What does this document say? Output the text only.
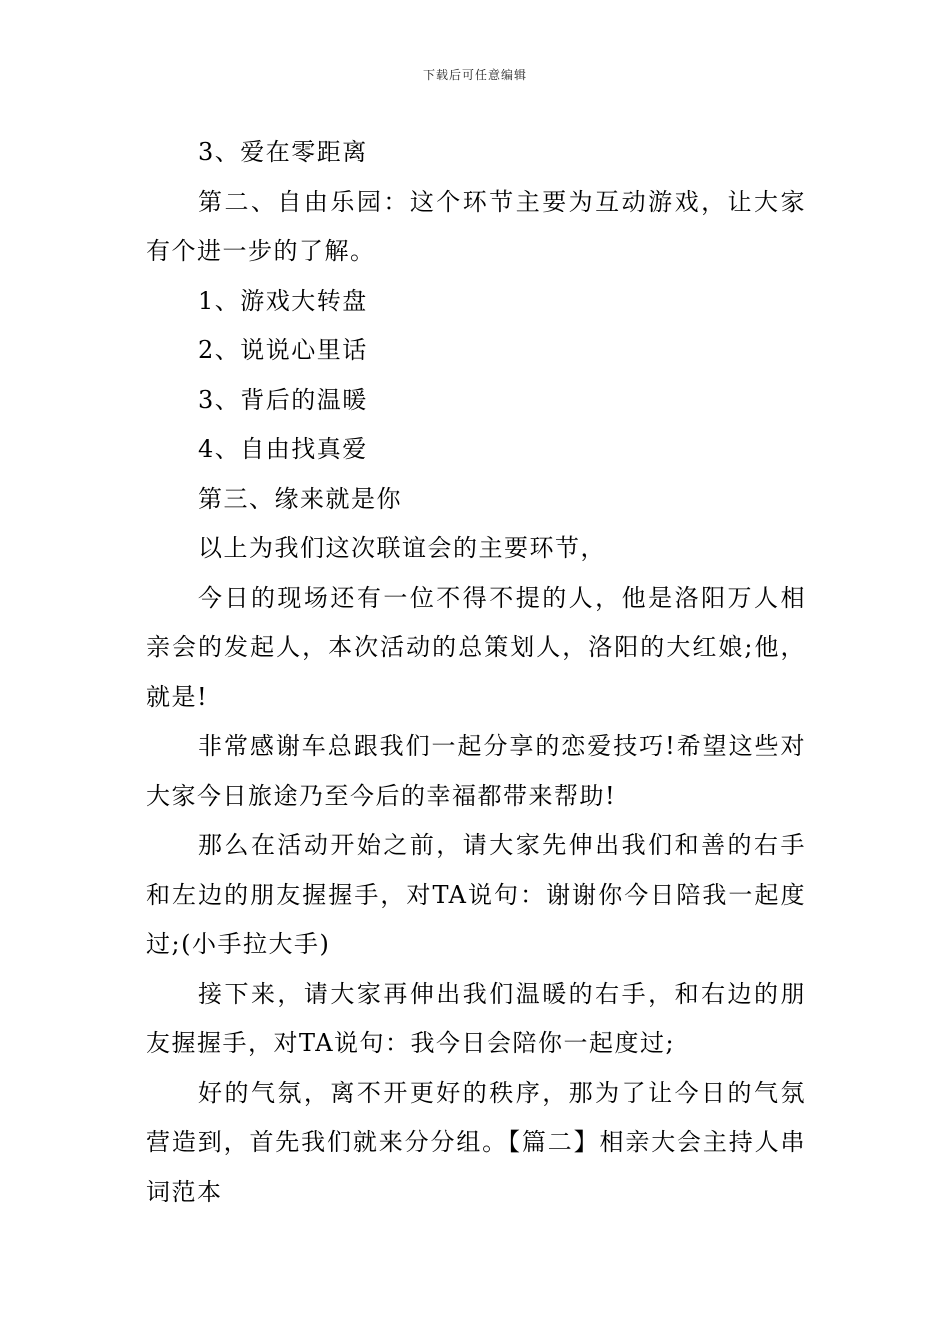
下载后可任意编辑

3、爱在零距离

第二、自由乐园：这个环节主要为互动游戏，让大家有个进一步的了解。

1、游戏大转盘

2、说说心里话

3、背后的温暖

4、自由找真爱

第三、缘来就是你

以上为我们这次联谊会的主要环节，

今日的现场还有一位不得不提的人，他是洛阳万人相亲会的发起人，本次活动的总策划人，洛阳的大红娘;他，就是!

非常感谢车总跟我们一起分享的恋爱技巧!希望这些对大家今日旅途乃至今后的幸福都带来帮助!

那么在活动开始之前，请大家先伸出我们和善的右手和左边的朋友握握手，对TA说句：谢谢你今日陪我一起度过;(小手拉大手)

接下来，请大家再伸出我们温暖的右手，和右边的朋友握握手，对TA说句：我今日会陪你一起度过;

好的气氛，离不开更好的秩序，那为了让今日的气氛营造到，首先我们就来分分组。【篇二】相亲大会主持人串词范本
